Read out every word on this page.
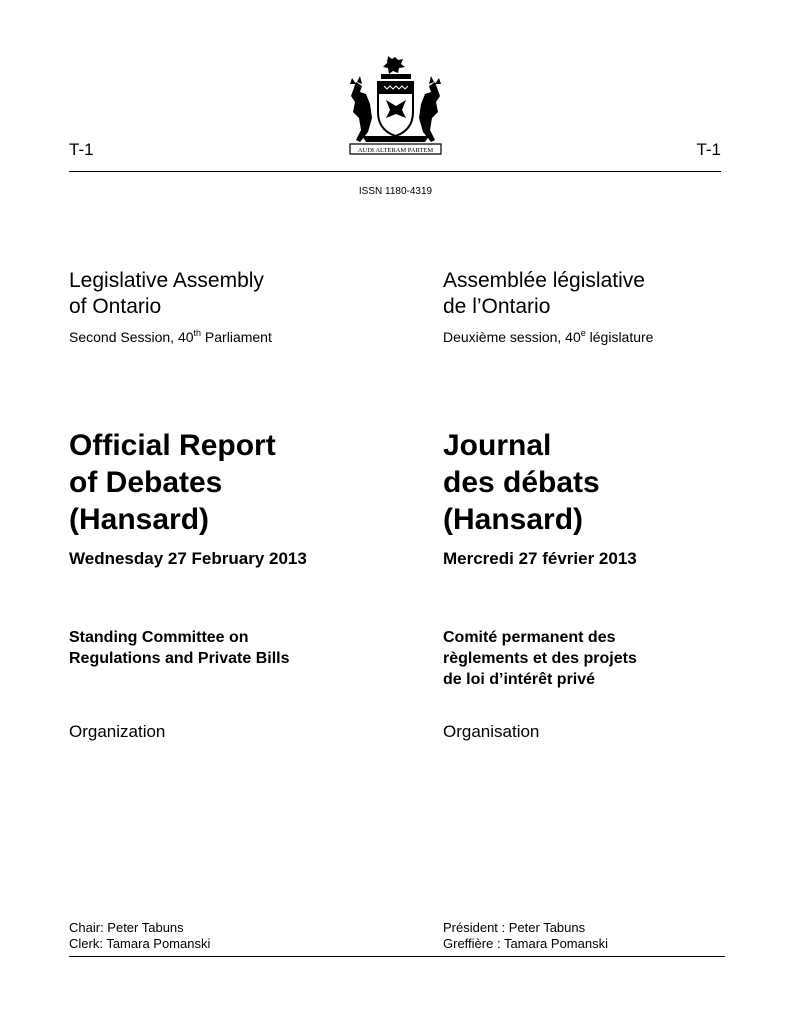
AUDI ALTERAM PARTEM
T-1	T-1
ISSN 1180-4319
Legislative Assembly
of Ontario
Second Session, 40th Parliament
Official Report
of Debates
(Hansard)
Wednesday 27 February 2013
Standing Committee on
Regulations and Private Bills
Organization
Chair: Peter Tabuns
Clerk: Tamara Pomanski
Assemblée législative
de l’Ontario
Deuxième session, 40e législature
Journal
des débats
(Hansard)
Mercredi 27 février 2013
Comité permanent des
règlements et des projets
de loi d’intérêt privé
Organisation
Président : Peter Tabuns
Greffière : Tamara Pomanski
